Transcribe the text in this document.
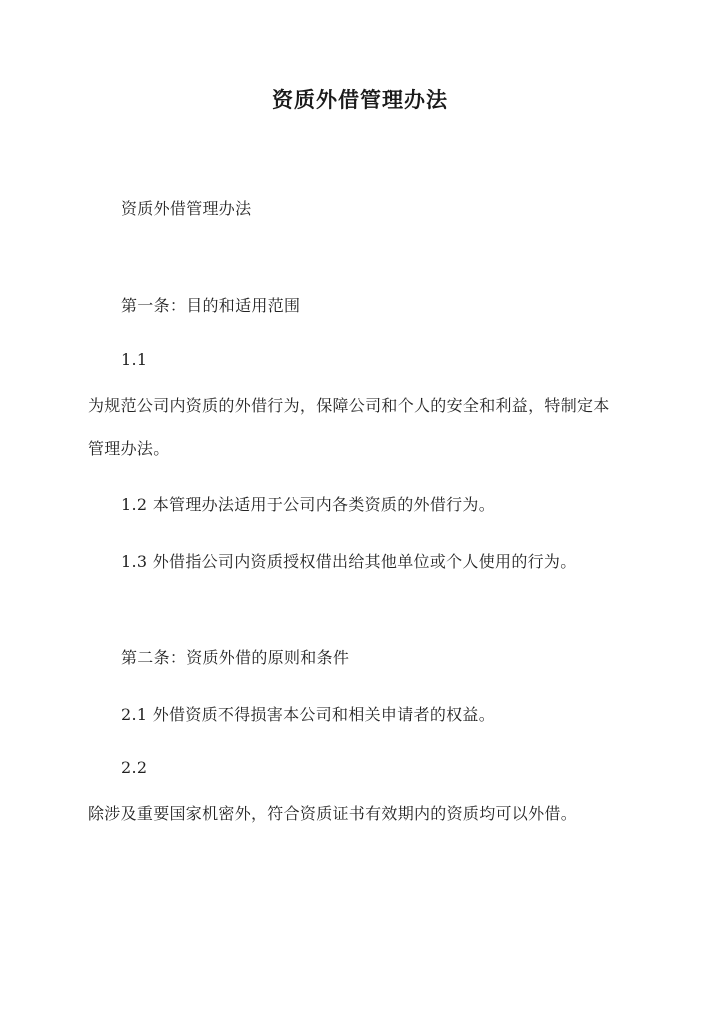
资质外借管理办法
资质外借管理办法
第一条：目的和适用范围
1.1
为规范公司内资质的外借行为，保障公司和个人的安全和利益，特制定本
管理办法。
1.2 本管理办法适用于公司内各类资质的外借行为。
1.3 外借指公司内资质授权借出给其他单位或个人使用的行为。
第二条：资质外借的原则和条件
2.1 外借资质不得损害本公司和相关申请者的权益。
2.2
除涉及重要国家机密外，符合资质证书有效期内的资质均可以外借。
